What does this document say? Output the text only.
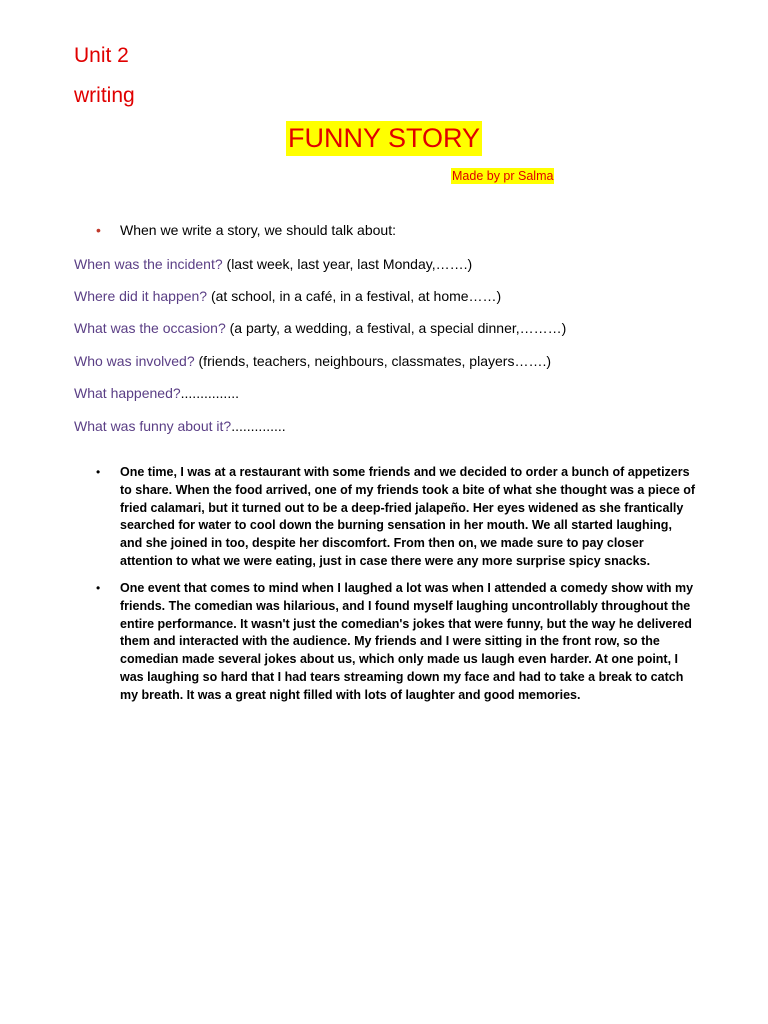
Unit 2
writing
FUNNY STORY
Made by pr Salma
• When we write a story, we should talk about:
When was the incident? (last week, last year, last Monday,…….)
Where did it happen? (at school, in a café, in a festival, at home……)
What was the occasion? (a party, a wedding, a festival, a special dinner,………)
Who was involved? (friends, teachers, neighbours, classmates, players…….)
What happened?...............
What was funny about it?..............
• One time, I was at a restaurant with some friends and we decided to order a bunch of appetizers to share. When the food arrived, one of my friends took a bite of what she thought was a piece of fried calamari, but it turned out to be a deep-fried jalapeño. Her eyes widened as she frantically searched for water to cool down the burning sensation in her mouth. We all started laughing, and she joined in too, despite her discomfort. From then on, we made sure to pay closer attention to what we were eating, just in case there were any more surprise spicy snacks.
• One event that comes to mind when I laughed a lot was when I attended a comedy show with my friends. The comedian was hilarious, and I found myself laughing uncontrollably throughout the entire performance. It wasn't just the comedian's jokes that were funny, but the way he delivered them and interacted with the audience. My friends and I were sitting in the front row, so the comedian made several jokes about us, which only made us laugh even harder. At one point, I was laughing so hard that I had tears streaming down my face and had to take a break to catch my breath. It was a great night filled with lots of laughter and good memories.
